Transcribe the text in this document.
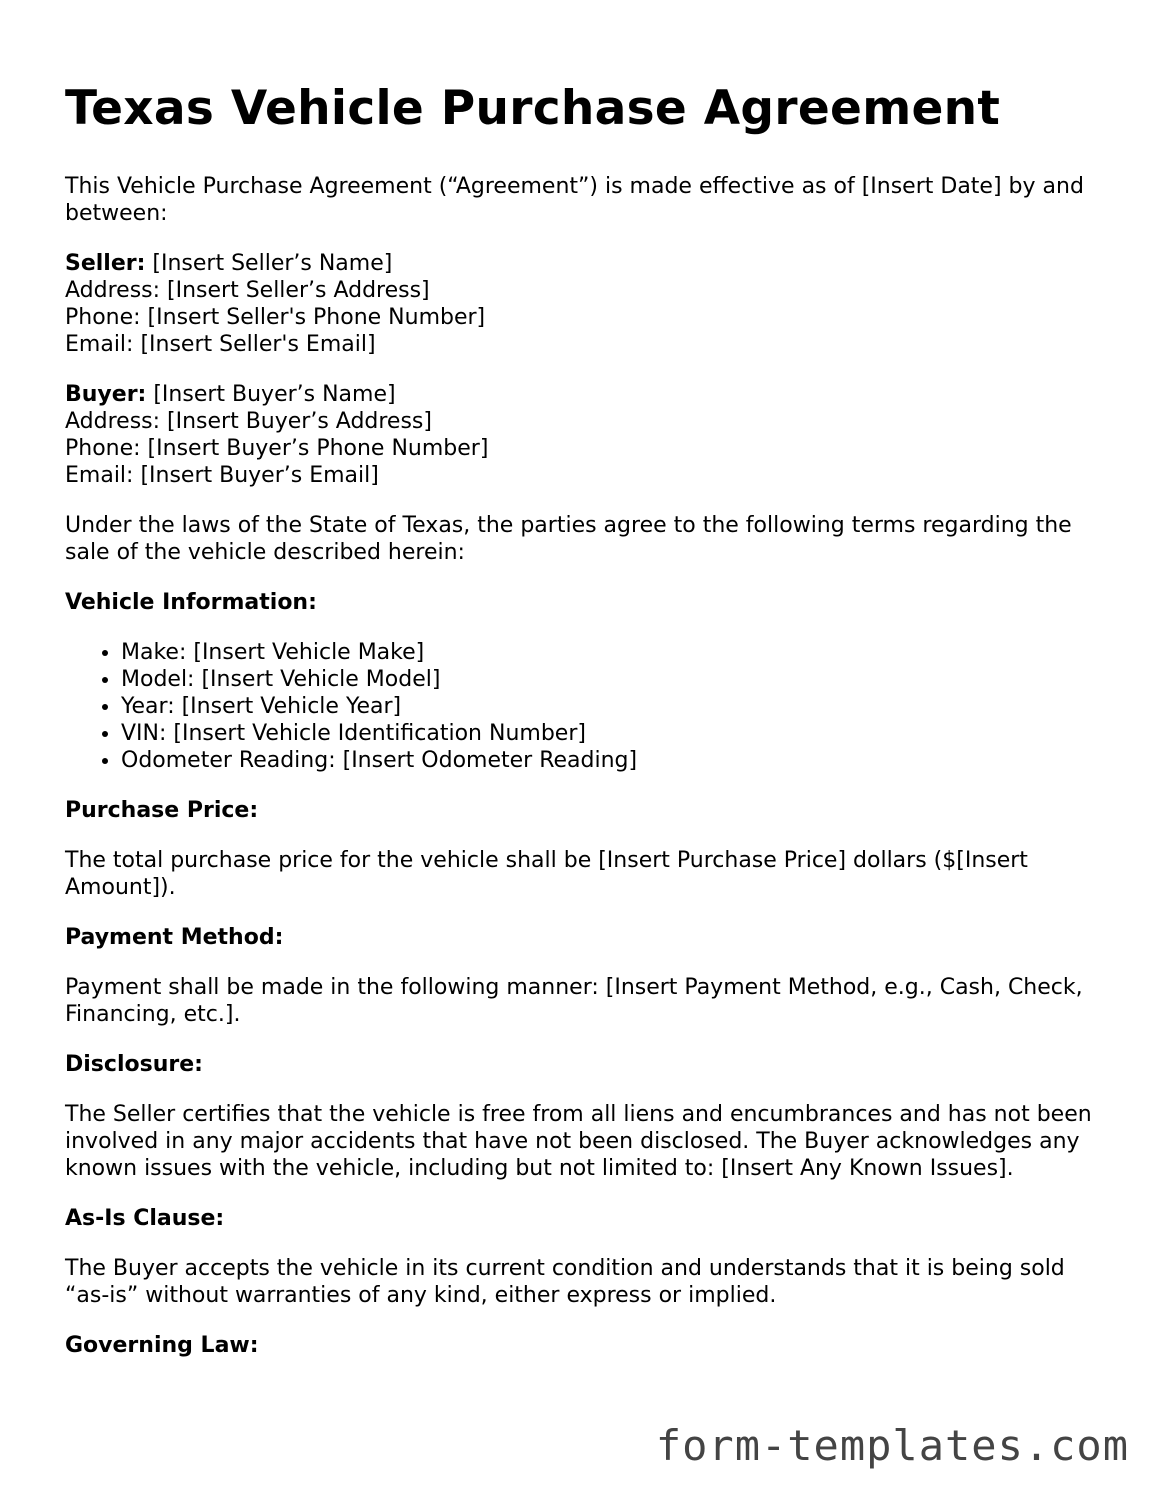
Texas Vehicle Purchase Agreement

This Vehicle Purchase Agreement (“Agreement”) is made effective as of [Insert Date] by and between:

Seller: [Insert Seller’s Name]
Address: [Insert Seller’s Address]
Phone: [Insert Seller's Phone Number]
Email: [Insert Seller's Email]

Buyer: [Insert Buyer’s Name]
Address: [Insert Buyer’s Address]
Phone: [Insert Buyer’s Phone Number]
Email: [Insert Buyer’s Email]

Under the laws of the State of Texas, the parties agree to the following terms regarding the sale of the vehicle described herein:

Vehicle Information:
• Make: [Insert Vehicle Make]
• Model: [Insert Vehicle Model]
• Year: [Insert Vehicle Year]
• VIN: [Insert Vehicle Identification Number]
• Odometer Reading: [Insert Odometer Reading]
Purchase Price:

The total purchase price for the vehicle shall be [Insert Purchase Price] dollars ($[Insert Amount]).

Payment Method:

Payment shall be made in the following manner: [Insert Payment Method, e.g., Cash, Check, Financing, etc.].

Disclosure:

The Seller certifies that the vehicle is free from all liens and encumbrances and has not been involved in any major accidents that have not been disclosed. The Buyer acknowledges any known issues with the vehicle, including but not limited to: [Insert Any Known Issues].

As-Is Clause:

The Buyer accepts the vehicle in its current condition and understands that it is being sold “as-is” without warranties of any kind, either express or implied.

Governing Law:
form-templates.com
